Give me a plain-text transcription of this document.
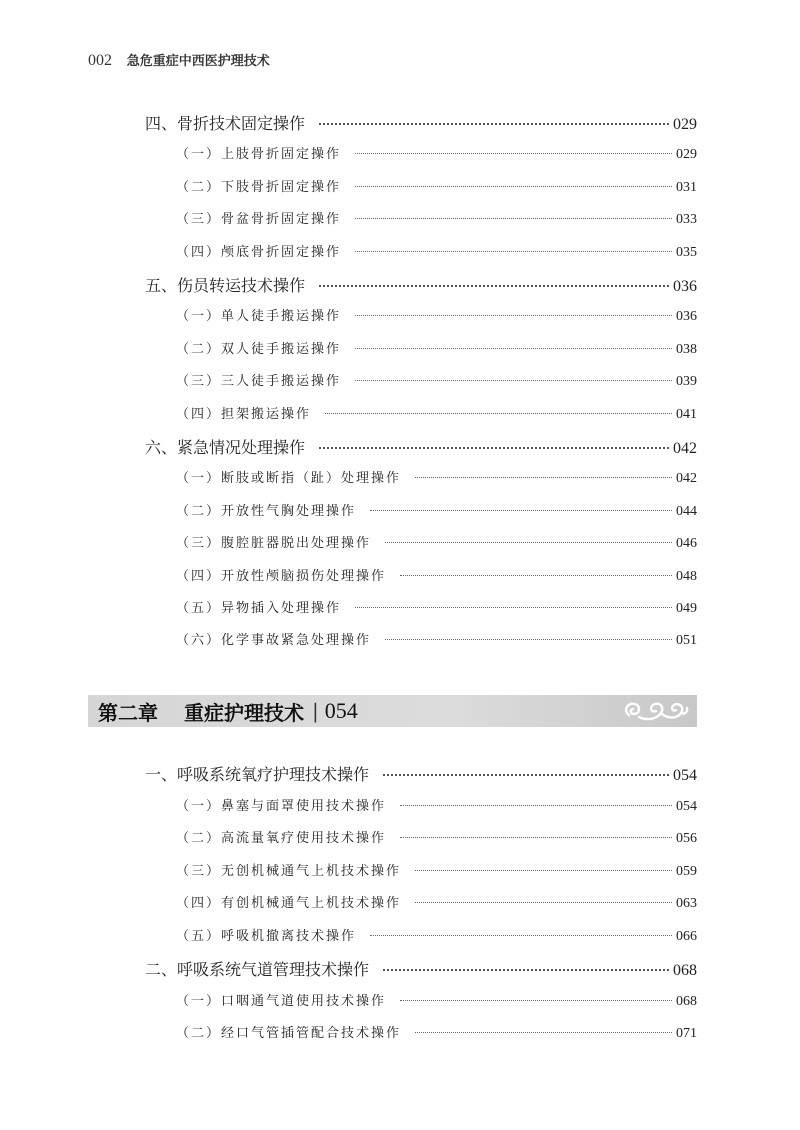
002 急危重症中西医护理技术
四、骨折技术固定操作	029
（一）上肢骨折固定操作	029
（二）下肢骨折固定操作	031
（三）骨盆骨折固定操作	033
（四）颅底骨折固定操作	035
五、伤员转运技术操作	036
（一）单人徒手搬运操作	036
（二）双人徒手搬运操作	038
（三）三人徒手搬运操作	039
（四）担架搬运操作	041
六、紧急情况处理操作	042
（一）断肢或断指（趾）处理操作	042
（二）开放性气胸处理操作	044
（三）腹腔脏器脱出处理操作	046
（四）开放性颅脑损伤处理操作	048
（五）异物插入处理操作	049
（六）化学事故紧急处理操作	051
第二章 重症护理技术 | 054
一、呼吸系统氧疗护理技术操作	054
（一）鼻塞与面罩使用技术操作	054
（二）高流量氧疗使用技术操作	056
（三）无创机械通气上机技术操作	059
（四）有创机械通气上机技术操作	063
（五）呼吸机撤离技术操作	066
二、呼吸系统气道管理技术操作	068
（一）口咽通气道使用技术操作	068
（二）经口气管插管配合技术操作	071
